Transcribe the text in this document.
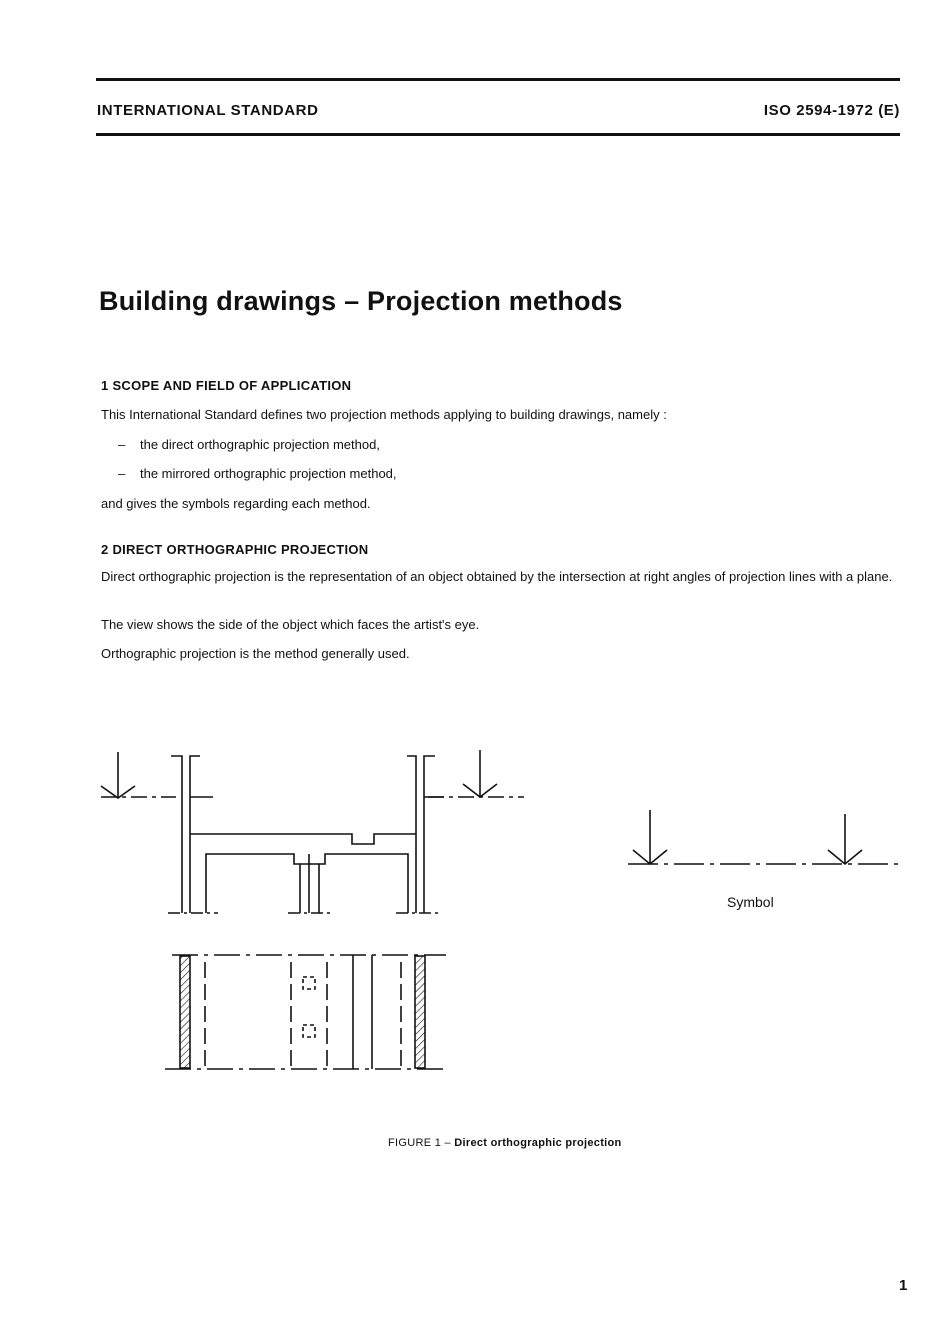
INTERNATIONAL STANDARD	ISO 2594-1972 (E)
Building drawings – Projection methods
1 SCOPE AND FIELD OF APPLICATION
This International Standard defines two projection methods applying to building drawings, namely :
– the direct orthographic projection method,
– the mirrored orthographic projection method,
and gives the symbols regarding each method.
2 DIRECT ORTHOGRAPHIC PROJECTION
Direct orthographic projection is the representation of an object obtained by the intersection at right angles of projection lines with a plane.
The view shows the side of the object which faces the artist's eye.
Orthographic projection is the method generally used.
Symbol
FIGURE 1 – Direct orthographic projection
1
